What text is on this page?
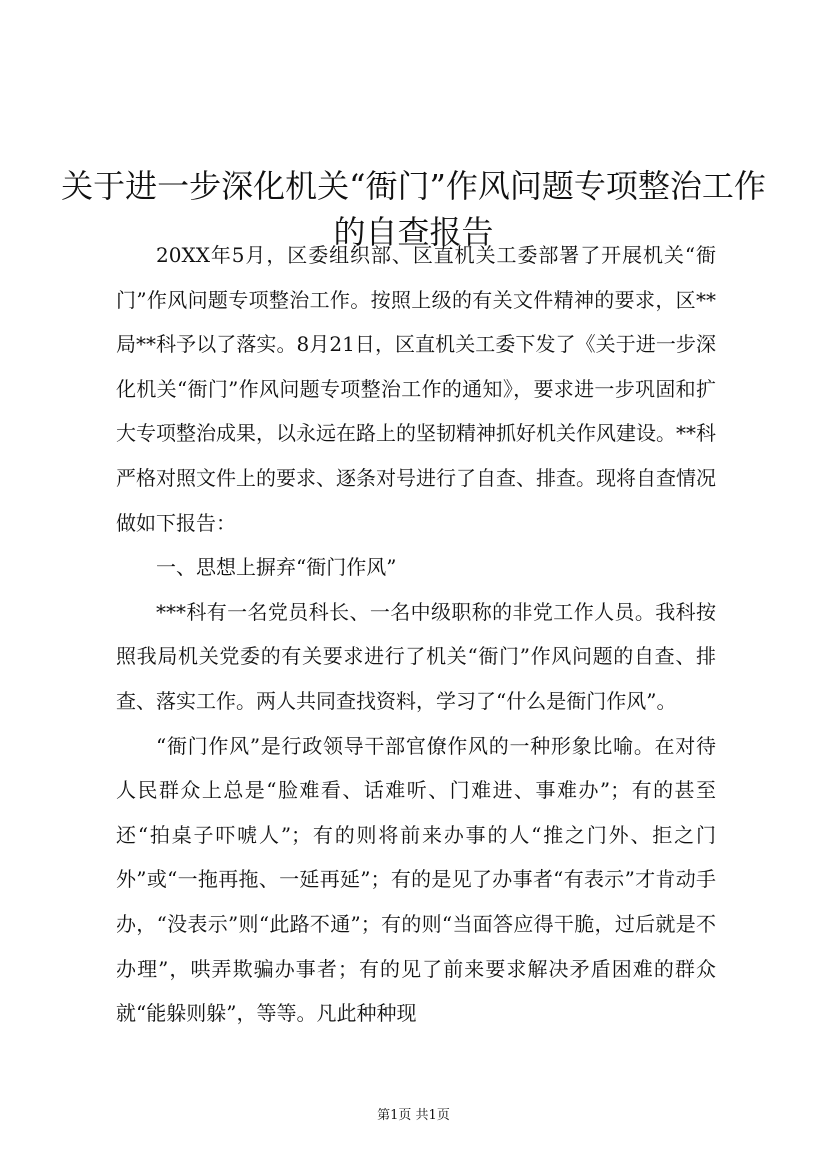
关于进一步深化机关“衙门”作风问题专项整治工作的自查报告

20XX年5月，区委组织部、区直机关工委部署了开展机关“衙门”作风问题专项整治工作。按照上级的有关文件精神的要求，区**局**科予以了落实。8月21日，区直机关工委下发了《关于进一步深化机关“衙门”作风问题专项整治工作的通知》，要求进一步巩固和扩大专项整治成果，以永远在路上的坚韧精神抓好机关作风建设。**科严格对照文件上的要求、逐条对号进行了自查、排查。现将自查情况做如下报告：

一、思想上摒弃“衙门作风”

***科有一名党员科长、一名中级职称的非党工作人员。我科按照我局机关党委的有关要求进行了机关“衙门”作风问题的自查、排查、落实工作。两人共同查找资料，学习了“什么是衙门作风”。

“衙门作风”是行政领导干部官僚作风的一种形象比喻。在对待人民群众上总是“脸难看、话难听、门难进、事难办”；有的甚至还“拍桌子吓唬人”；有的则将前来办事的人“推之门外、拒之门外”或“一拖再拖、一延再延”；有的是见了办事者“有表示”才肯动手办，“没表示”则“此路不通”；有的则“当面答应得干脆，过后就是不办理”，哄弄欺骗办事者；有的见了前来要求解决矛盾困难的群众就“能躲则躲”，等等。凡此种种现

第1页 共1页
